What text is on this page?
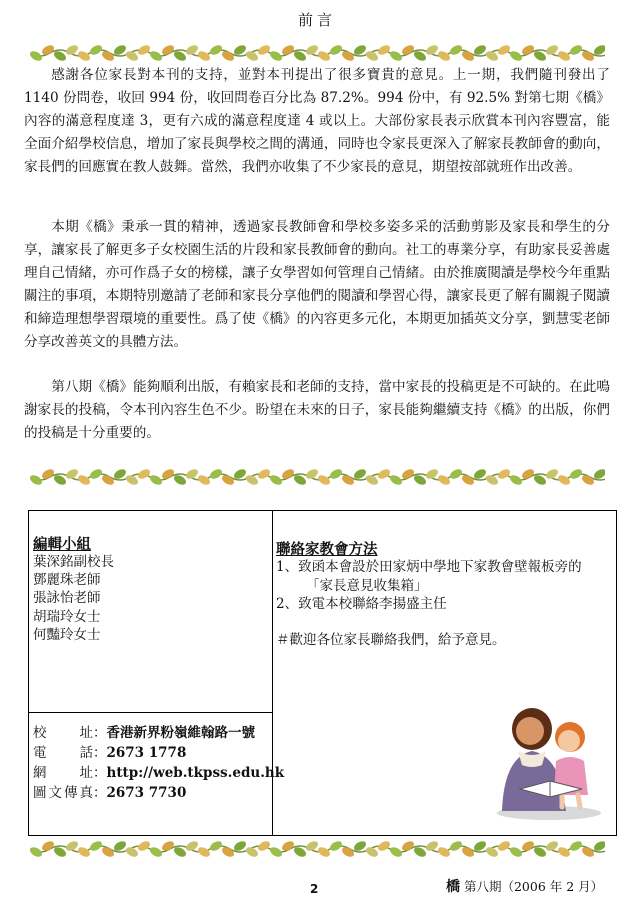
前言

感謝各位家長對本刊的支持，並對本刊提出了很多寶貴的意見。上一期，我們隨刊發出了 1140 份問卷，收回 994 份，收回問卷百分比為 87.2%。994 份中，有 92.5% 對第七期《橋》內容的滿意程度達 3，更有六成的滿意程度達 4 或以上。大部份家長表示欣賞本刊內容豐富，能全面介紹學校信息，增加了家長與學校之間的溝通，同時也令家長更深入了解家長教師會的動向，家長們的回應實在教人鼓舞。當然，我們亦收集了不少家長的意見，期望按部就班作出改善。

本期《橋》秉承一貫的精神，透過家長教師會和學校多姿多采的活動剪影及家長和學生的分享，讓家長了解更多子女校園生活的片段和家長教師會的動向。社工的專業分享，有助家長妥善處理自己情緒，亦可作爲子女的榜樣，讓子女學習如何管理自己情緒。由於推廣閱讀是學校今年重點關注的事項，本期特別邀請了老師和家長分享他們的閱讀和學習心得，讓家長更了解有關親子閱讀和締造理想學習環境的重要性。爲了使《橋》的內容更多元化，本期更加插英文分享，劉慧雯老師分享改善英文的具體方法。

第八期《橋》能夠順利出版，有賴家長和老師的支持，當中家長的投稿更是不可缺的。在此鳴謝家長的投稿，令本刊內容生色不少。盼望在未來的日子，家長能夠繼續支持《橋》的出版，你們的投稿是十分重要的。

編輯小組
葉深銘副校長
鄧麗珠老師
張詠怡老師
胡瑞玲女士
何豔玲女士
校址：香港新界粉嶺維翰路一號
電話：2673 1778
網址：http://web.tkpss.edu.hk
圖文傳真：2673 7730
聯絡家教會方法
1、致函本會設於田家炳中學地下家教會壁報板旁的
「家長意見收集箱」
2、致電本校聯絡李揚盛主任
＃歡迎各位家長聯絡我們，給予意見。
2	橋 第八期（2006 年 2 月）
